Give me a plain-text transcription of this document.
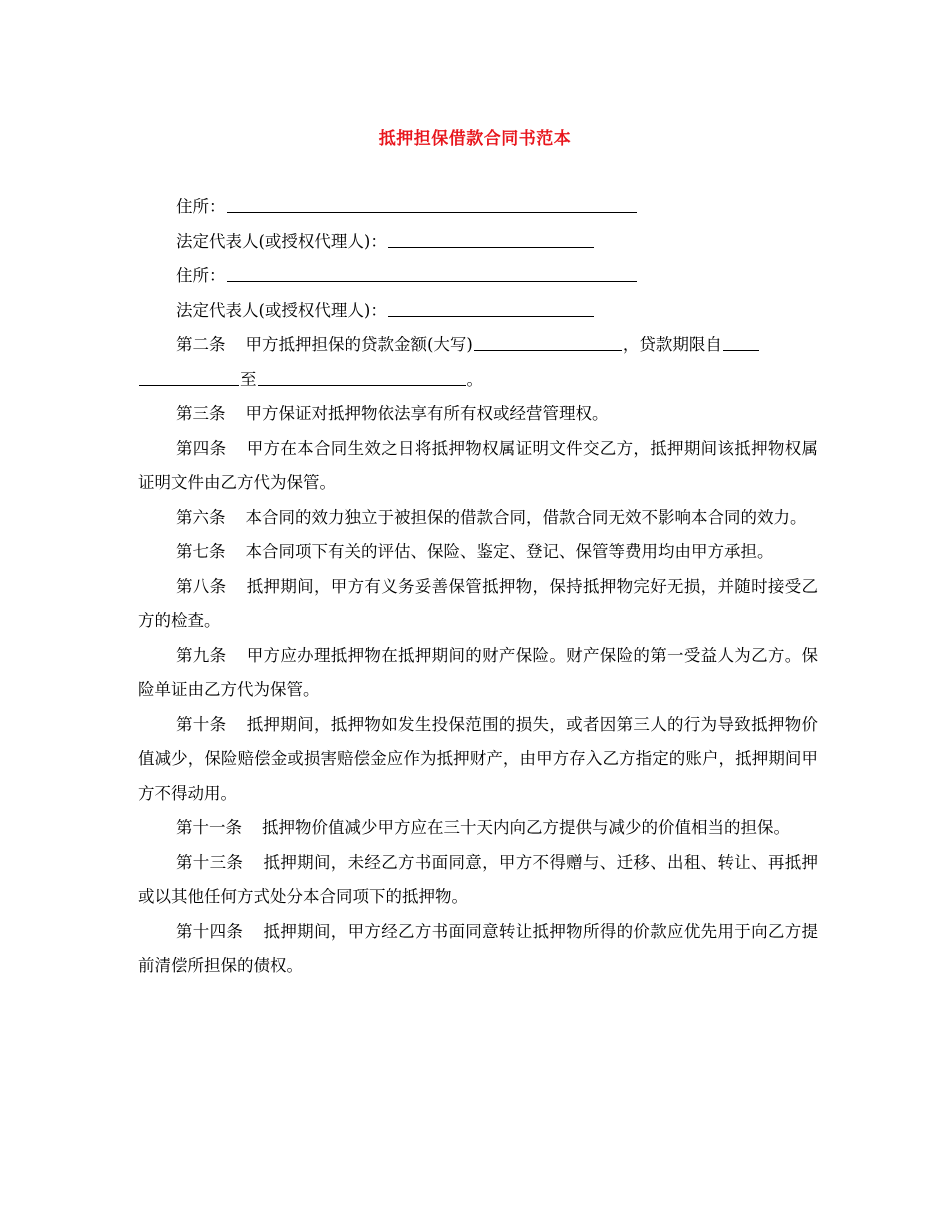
抵押担保借款合同书范本
住所：
法定代表人(或授权代理人)：
住所：
法定代表人(或授权代理人)：
第二条 甲方抵押担保的贷款金额(大写)	，贷款期限自
至	。
第三条 甲方保证对抵押物依法享有所有权或经营管理权。
第四条 甲方在本合同生效之日将抵押物权属证明文件交乙方，抵押期间该抵押物权属证明文件由乙方代为保管。
第六条 本合同的效力独立于被担保的借款合同，借款合同无效不影响本合同的效力。
第七条 本合同项下有关的评估、保险、鉴定、登记、保管等费用均由甲方承担。
第八条 抵押期间，甲方有义务妥善保管抵押物，保持抵押物完好无损，并随时接受乙方的检查。
第九条 甲方应办理抵押物在抵押期间的财产保险。财产保险的第一受益人为乙方。保险单证由乙方代为保管。
第十条 抵押期间，抵押物如发生投保范围的损失，或者因第三人的行为导致抵押物价值减少，保险赔偿金或损害赔偿金应作为抵押财产，由甲方存入乙方指定的账户，抵押期间甲方不得动用。
第十一条 抵押物价值减少甲方应在三十天内向乙方提供与减少的价值相当的担保。
第十三条 抵押期间，未经乙方书面同意，甲方不得赠与、迁移、出租、转让、再抵押或以其他任何方式处分本合同项下的抵押物。
第十四条 抵押期间，甲方经乙方书面同意转让抵押物所得的价款应优先用于向乙方提前清偿所担保的债权。
